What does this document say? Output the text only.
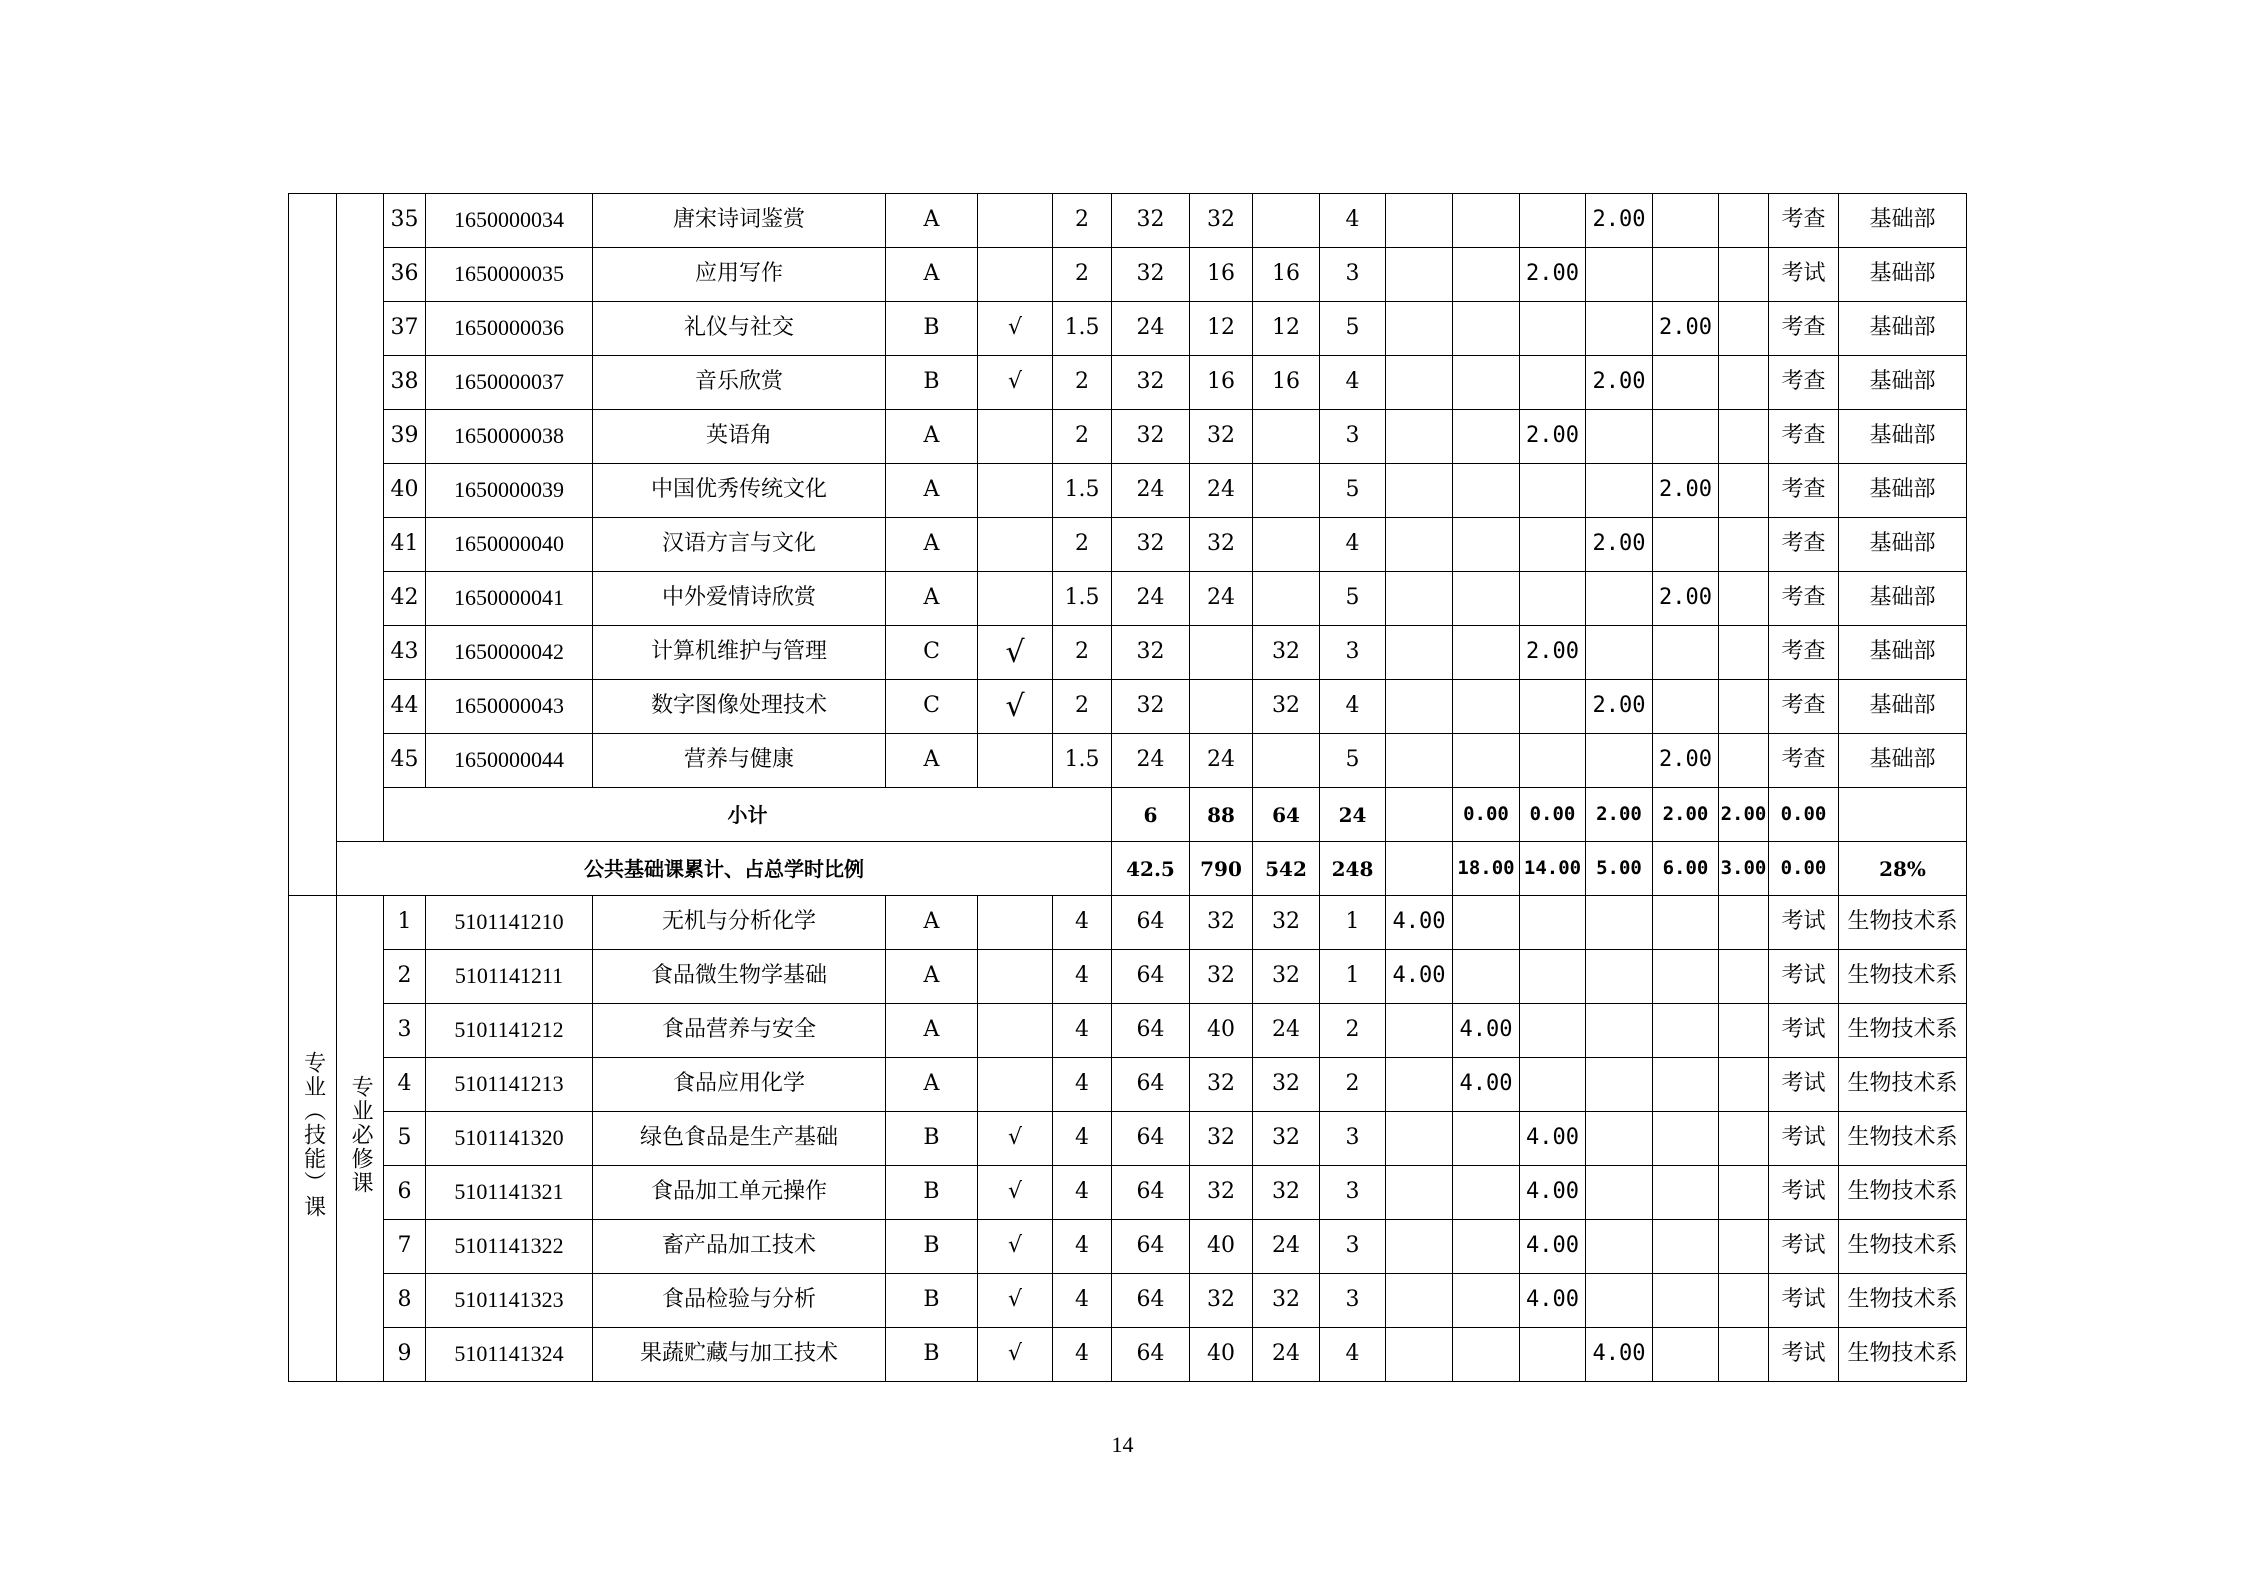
		35	1650000034	唐宋诗词鉴赏	A		2	32	32		4				2.00			考查	基础部
		36	1650000035	应用写作	A		2	32	16	16	3			2.00				考试	基础部
		37	1650000036	礼仪与社交	B	√	1.5	24	12	12	5					2.00		考查	基础部
		38	1650000037	音乐欣赏	B	√	2	32	16	16	4				2.00			考查	基础部
		39	1650000038	英语角	A		2	32	32		3			2.00				考查	基础部
		40	1650000039	中国优秀传统文化	A		1.5	24	24		5					2.00		考查	基础部
		41	1650000040	汉语方言与文化	A		2	32	32		4				2.00			考查	基础部
		42	1650000041	中外爱情诗欣赏	A		1.5	24	24		5					2.00		考查	基础部
		43	1650000042	计算机维护与管理	C	√	2	32		32	3			2.00				考查	基础部
		44	1650000043	数字图像处理技术	C	√	2	32		32	4				2.00			考查	基础部
		45	1650000044	营养与健康	A		1.5	24	24		5					2.00		考查	基础部
		小计						6	88	64	24		0.00	0.00	2.00	2.00	2.00	0.00	
	公共基础课累计、占总学时比例							42.5	790	542	248		18.00	14.00	5.00	6.00	3.00	0.00	28%
专业（技能）课	专业必修课	1	5101141210	无机与分析化学	A		4	64	32	32	1	4.00						考试	生物技术系
		2	5101141211	食品微生物学基础	A		4	64	32	32	1	4.00						考试	生物技术系
		3	5101141212	食品营养与安全	A		4	64	40	24	2		4.00					考试	生物技术系
		4	5101141213	食品应用化学	A		4	64	32	32	2		4.00					考试	生物技术系
		5	5101141320	绿色食品是生产基础	B	√	4	64	32	32	3			4.00				考试	生物技术系
		6	5101141321	食品加工单元操作	B	√	4	64	32	32	3			4.00				考试	生物技术系
		7	5101141322	畜产品加工技术	B	√	4	64	40	24	3			4.00				考试	生物技术系
		8	5101141323	食品检验与分析	B	√	4	64	32	32	3			4.00				考试	生物技术系
		9	5101141324	果蔬贮藏与加工技术	B	√	4	64	40	24	4				4.00			考试	生物技术系
14
